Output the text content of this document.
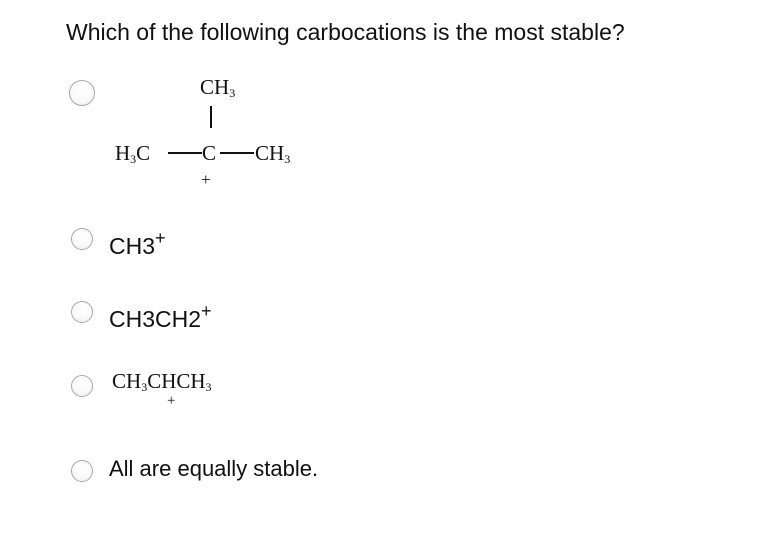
Which of the following carbocations is the most stable?
$CH_3$
$H_3C$ C $CH_3$
+
CH3+
CH3CH2+
$CH_3CHCH_3$
+
All are equally stable.
